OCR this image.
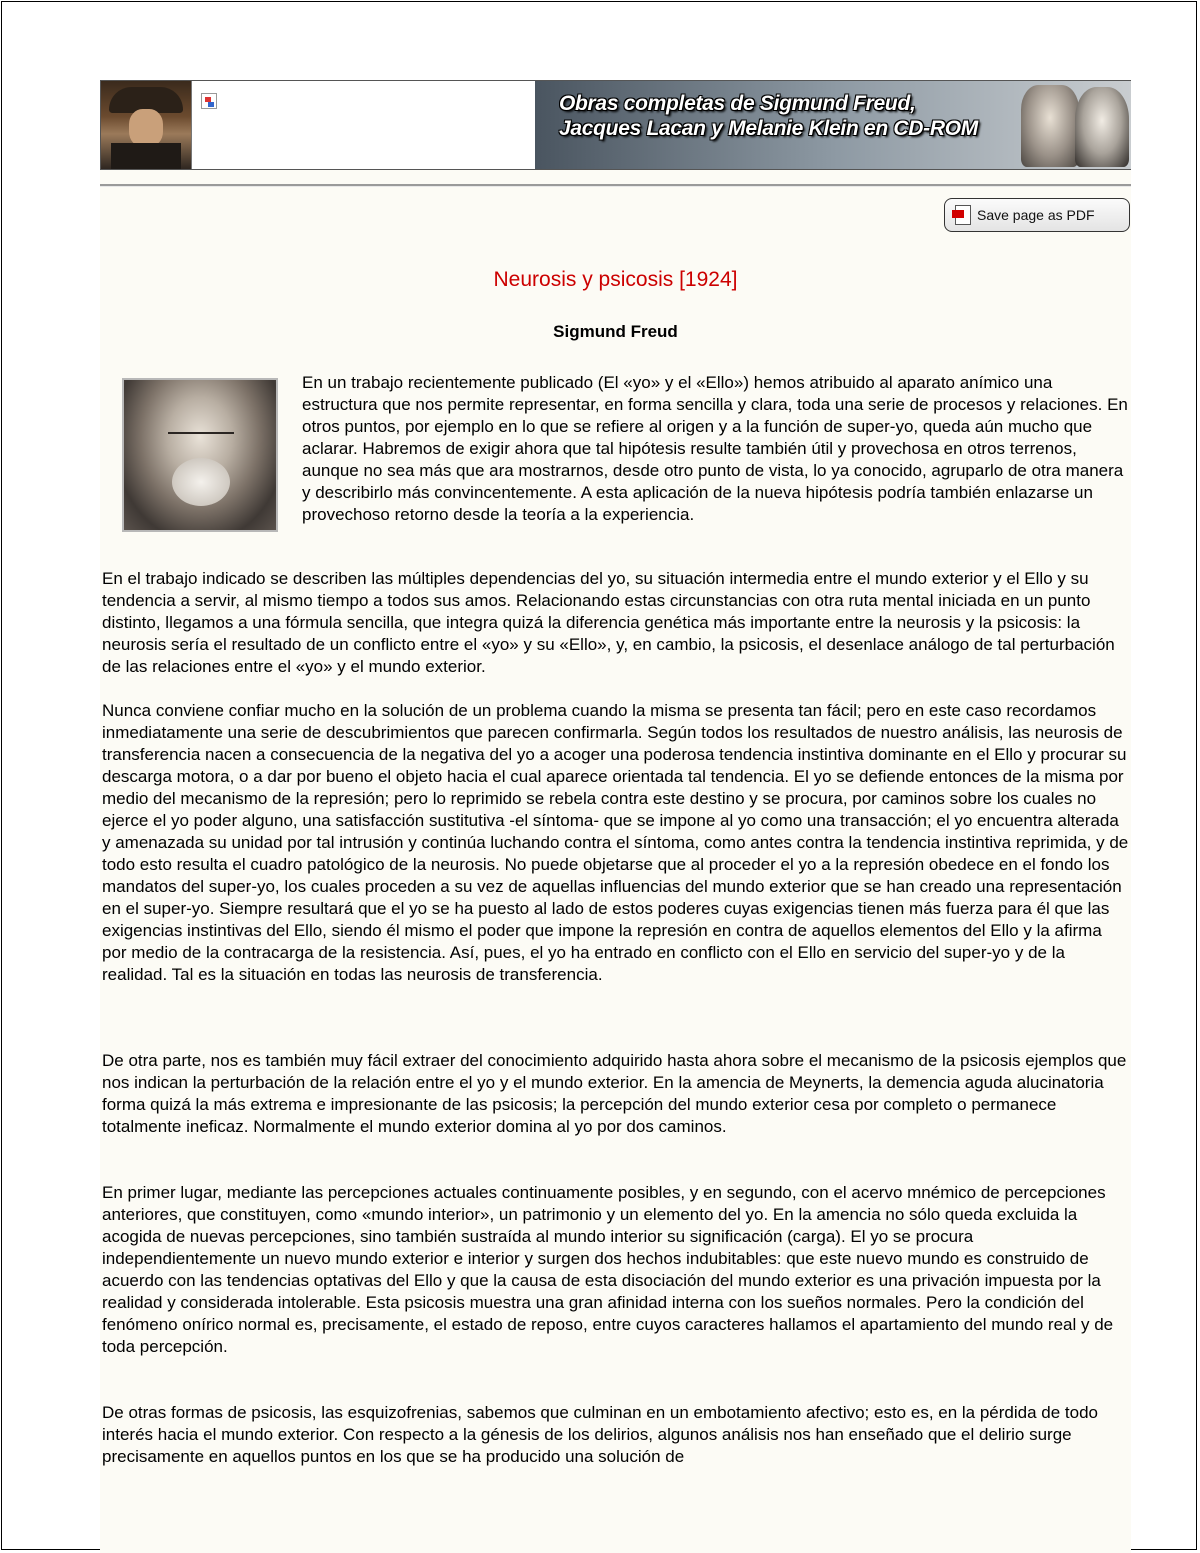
Obras completas de Sigmund Freud,
Jacques Lacan y Melanie Klein en CD-ROM
Save page as PDF
Neurosis y psicosis [1924]
Sigmund Freud

En un trabajo recientemente publicado (El «yo» y el «Ello») hemos atribuido al aparato anímico una estructura que nos permite representar, en forma sencilla y clara, toda una serie de procesos y relaciones. En otros puntos, por ejemplo en lo que se refiere al origen y a la función de super-yo, queda aún mucho que aclarar. Habremos de exigir ahora que tal hipótesis resulte también útil y provechosa en otros terrenos, aunque no sea más que ara mostrarnos, desde otro punto de vista, lo ya conocido, agruparlo de otra manera y describirlo más convincentemente. A esta aplicación de la nueva hipótesis podría también enlazarse un provechoso retorno desde la teoría a la experiencia.

En el trabajo indicado se describen las múltiples dependencias del yo, su situación intermedia entre el mundo exterior y el Ello y su tendencia a servir, al mismo tiempo a todos sus amos. Relacionando estas circunstancias con otra ruta mental iniciada en un punto distinto, llegamos a una fórmula sencilla, que integra quizá la diferencia genética más importante entre la neurosis y la psicosis: la neurosis sería el resultado de un conflicto entre el «yo» y su «Ello», y, en cambio, la psicosis, el desenlace análogo de tal perturbación de las relaciones entre el «yo» y el mundo exterior.

Nunca conviene confiar mucho en la solución de un problema cuando la misma se presenta tan fácil; pero en este caso recordamos inmediatamente una serie de descubrimientos que parecen confirmarla. Según todos los resultados de nuestro análisis, las neurosis de transferencia nacen a consecuencia de la negativa del yo a acoger una poderosa tendencia instintiva dominante en el Ello y procurar su descarga motora, o a dar por bueno el objeto hacia el cual aparece orientada tal tendencia. El yo se defiende entonces de la misma por medio del mecanismo de la represión; pero lo reprimido se rebela contra este destino y se procura, por caminos sobre los cuales no ejerce el yo poder alguno, una satisfacción sustitutiva -el síntoma- que se impone al yo como una transacción; el yo encuentra alterada y amenazada su unidad por tal intrusión y continúa luchando contra el síntoma, como antes contra la tendencia instintiva reprimida, y de todo esto resulta el cuadro patológico de la neurosis. No puede objetarse que al proceder el yo a la represión obedece en el fondo los mandatos del super-yo, los cuales proceden a su vez de aquellas influencias del mundo exterior que se han creado una representación en el super-yo. Siempre resultará que el yo se ha puesto al lado de estos poderes cuyas exigencias tienen más fuerza para él que las exigencias instintivas del Ello, siendo él mismo el poder que impone la represión en contra de aquellos elementos del Ello y la afirma por medio de la contracarga de la resistencia. Así, pues, el yo ha entrado en conflicto con el Ello en servicio del super-yo y de la realidad. Tal es la situación en todas las neurosis de transferencia.

De otra parte, nos es también muy fácil extraer del conocimiento adquirido hasta ahora sobre el mecanismo de la psicosis ejemplos que nos indican la perturbación de la relación entre el yo y el mundo exterior. En la amencia de Meynerts, la demencia aguda alucinatoria forma quizá la más extrema e impresionante de las psicosis; la percepción del mundo exterior cesa por completo o permanece totalmente ineficaz. Normalmente el mundo exterior domina al yo por dos caminos.

En primer lugar, mediante las percepciones actuales continuamente posibles, y en segundo, con el acervo mnémico de percepciones anteriores, que constituyen, como «mundo interior», un patrimonio y un elemento del yo. En la amencia no sólo queda excluida la acogida de nuevas percepciones, sino también sustraída al mundo interior su significación (carga). El yo se procura independientemente un nuevo mundo exterior e interior y surgen dos hechos indubitables: que este nuevo mundo es construido de acuerdo con las tendencias optativas del Ello y que la causa de esta disociación del mundo exterior es una privación impuesta por la realidad y considerada intolerable. Esta psicosis muestra una gran afinidad interna con los sueños normales. Pero la condición del fenómeno onírico normal es, precisamente, el estado de reposo, entre cuyos caracteres hallamos el apartamiento del mundo real y de toda percepción.

De otras formas de psicosis, las esquizofrenias, sabemos que culminan en un embotamiento afectivo; esto es, en la pérdida de todo interés hacia el mundo exterior. Con respecto a la génesis de los delirios, algunos análisis nos han enseñado que el delirio surge precisamente en aquellos puntos en los que se ha producido una solución de
